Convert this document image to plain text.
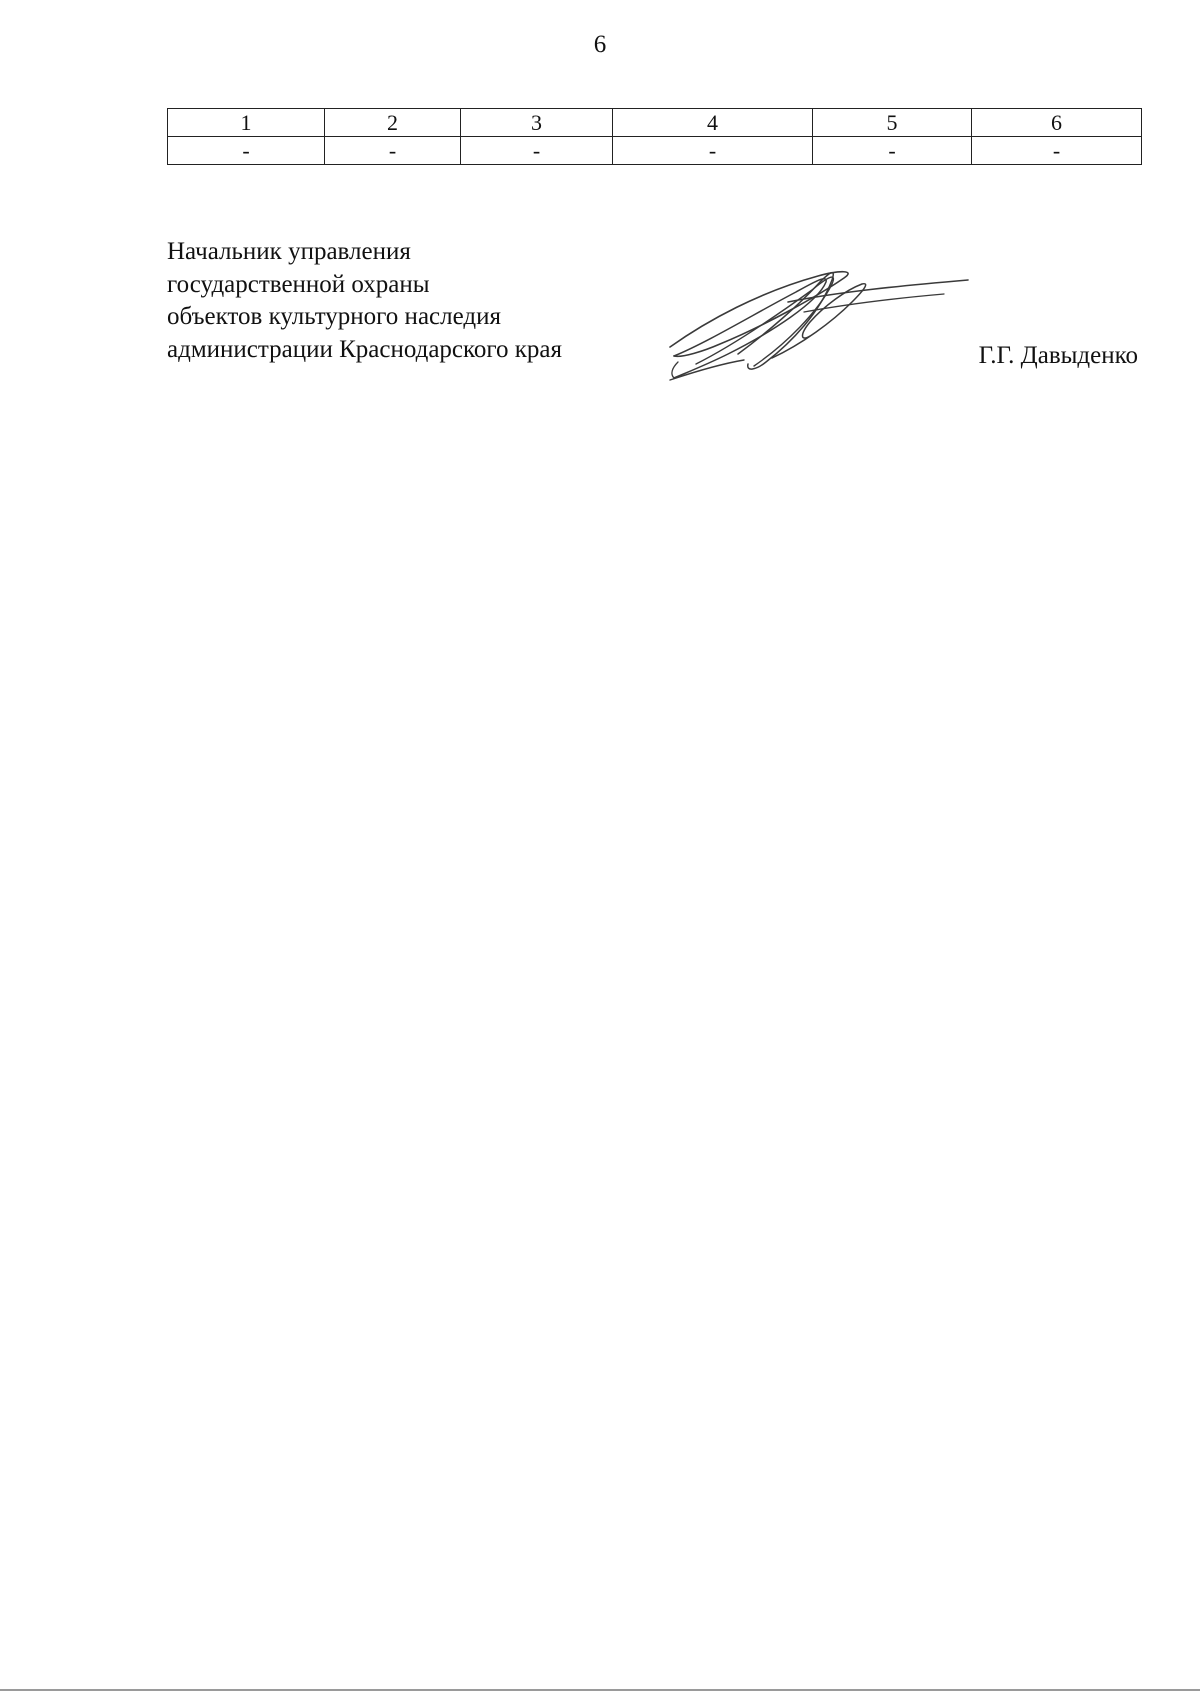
6
1	2	3	4	5	6
-	-	-	-	-	-
Начальник управления
государственной охраны
объектов культурного наследия
администрации Краснодарского края	Г.Г. Давыденко
